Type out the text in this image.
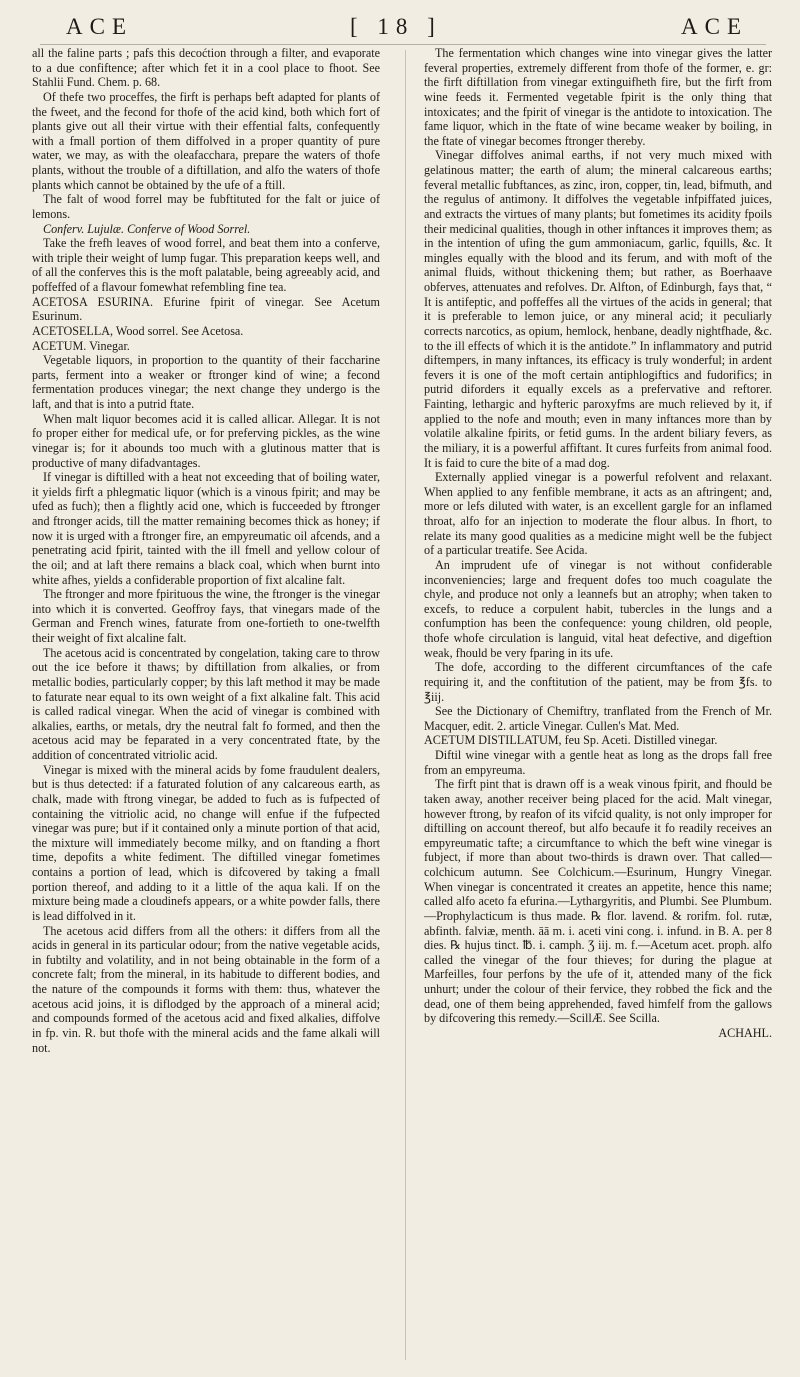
ACE	[ 18 ]	ACE

all the faline parts ; pafs this decoćtion through a filter, and evaporate to a due confiftence; after which fet it in a cool place to fhoot. See Stahlii Fund. Chem. p. 68.

Of thefe two proceffes, the firft is perhaps beft adapted for plants of the fweet, and the fecond for thofe of the acid kind, both which fort of plants give out all their virtue with their effential falts, confequently with a fmall portion of them diffolved in a proper quantity of pure water, we may, as with the oleafacchara, prepare the waters of thofe plants, without the trouble of a diftillation, and alfo the waters of thofe plants which cannot be obtained by the ufe of a ftill.

The falt of wood forrel may be fubftituted for the falt or juice of lemons.

Conferv. Lujulæ. Conferve of Wood Sorrel.

Take the frefh leaves of wood forrel, and beat them into a conferve, with triple their weight of lump fugar. This preparation keeps well, and of all the conferves this is the moft palatable, being agreeably acid, and poffeffed of a flavour fomewhat refembling fine tea.

ACETOSA ESURINA. Efurine fpirit of vinegar. See Acetum Esurinum.

ACETOSELLA, Wood sorrel. See Acetosa.

ACETUM. Vinegar.

Vegetable liquors, in proportion to the quantity of their faccharine parts, ferment into a weaker or ftronger kind of wine; a fecond fermentation produces vinegar; the next change they undergo is the laft, and that is into a putrid ftate.

When malt liquor becomes acid it is called allicar. Allegar. It is not fo proper either for medical ufe, or for preferving pickles, as the wine vinegar is; for it abounds too much with a glutinous matter that is productive of many difadvantages.

If vinegar is diftilled with a heat not exceeding that of boiling water, it yields firft a phlegmatic liquor (which is a vinous fpirit; and may be ufed as fuch); then a flightly acid one, which is fucceeded by ftronger and ftronger acids, till the matter remaining becomes thick as honey; if now it is urged with a ftronger fire, an empyreumatic oil afcends, and a penetrating acid fpirit, tainted with the ill fmell and yellow colour of the oil; and at laft there remains a black coal, which when burnt into white afhes, yields a confiderable proportion of fixt alcaline falt.

The ftronger and more fpirituous the wine, the ftronger is the vinegar into which it is converted. Geoffroy fays, that vinegars made of the German and French wines, faturate from one-fortieth to one-twelfth their weight of fixt alcaline falt.

The acetous acid is concentrated by congelation, taking care to throw out the ice before it thaws; by diftillation from alkalies, or from metallic bodies, particularly copper; by this laft method it may be made to faturate near equal to its own weight of a fixt alkaline falt. This acid is called radical vinegar. When the acid of vinegar is combined with alkalies, earths, or metals, dry the neutral falt fo formed, and then the acetous acid may be feparated in a very concentrated ftate, by the addition of concentrated vitriolic acid.

Vinegar is mixed with the mineral acids by fome fraudulent dealers, but is thus detected: if a faturated folution of any calcareous earth, as chalk, made with ftrong vinegar, be added to fuch as is fufpected of containing the vitriolic acid, no change will enfue if the fufpected vinegar was pure; but if it contained only a minute portion of that acid, the mixture will immediately become milky, and on ftanding a fhort time, depofits a white fediment. The diftilled vinegar fometimes contains a portion of lead, which is difcovered by taking a fmall portion thereof, and adding to it a little of the aqua kali. If on the mixture being made a cloudinefs appears, or a white powder falls, there is lead diffolved in it.

The acetous acid differs from all the others: it differs from all the acids in general in its particular odour; from the native vegetable acids, in fubtilty and volatility, and in not being obtainable in the form of a concrete falt; from the mineral, in its habitude to different bodies, and the nature of the compounds it forms with them: thus, whatever the acetous acid joins, it is diflodged by the approach of a mineral acid; and compounds formed of the acetous acid and fixed alkalies, diffolve in fp. vin. R. but thofe with the mineral acids and the fame alkali will not.

The fermentation which changes wine into vinegar gives the latter feveral properties, extremely different from thofe of the former, e. gr: the firft diftillation from vinegar extinguifheth fire, but the firft from wine feeds it. Fermented vegetable fpirit is the only thing that intoxicates; and the fpirit of vinegar is the antidote to intoxication. The fame liquor, which in the ftate of wine became weaker by boiling, in the ftate of vinegar becomes ftronger thereby.

Vinegar diffolves animal earths, if not very much mixed with gelatinous matter; the earth of alum; the mineral calcareous earths; feveral metallic fubftances, as zinc, iron, copper, tin, lead, bifmuth, and the regulus of antimony. It diffolves the vegetable infpiffated juices, and extracts the virtues of many plants; but fometimes its acidity fpoils their medicinal qualities, though in other inftances it improves them; as in the intention of ufing the gum ammoniacum, garlic, fquills, &c. It mingles equally with the blood and its ferum, and with moft of the animal fluids, without thickening them; but rather, as Boerhaave obferves, attenuates and refolves. Dr. Alfton, of Edinburgh, fays that, “ It is antifeptic, and poffeffes all the virtues of the acids in general; that it is preferable to lemon juice, or any mineral acid; it peculiarly corrects narcotics, as opium, hemlock, henbane, deadly nightfhade, &c. to the ill effects of which it is the antidote.” In inflammatory and putrid diftempers, in many inftances, its efficacy is truly wonderful; in ardent fevers it is one of the moft certain antiphlogiftics and fudorifics; in putrid diforders it equally excels as a prefervative and reftorer. Fainting, lethargic and hyfteric paroxyfms are much relieved by it, if applied to the nofe and mouth; even in many inftances more than by volatile alkaline fpirits, or fetid gums. In the ardent biliary fevers, as the miliary, it is a powerful affiftant. It cures furfeits from animal food. It is faid to cure the bite of a mad dog.

Externally applied vinegar is a powerful refolvent and relaxant. When applied to any fenfible membrane, it acts as an aftringent; and, more or lefs diluted with water, is an excellent gargle for an inflamed throat, alfo for an injection to moderate the flour albus. In fhort, to relate its many good qualities as a medicine might well be the fubject of a particular treatife. See Acida.

An imprudent ufe of vinegar is not without confiderable inconveniencies; large and frequent dofes too much coagulate the chyle, and produce not only a leannefs but an atrophy; when taken to excefs, to reduce a corpulent habit, tubercles in the lungs and a confumption has been the confequence: young children, old people, thofe whofe circulation is languid, vital heat defective, and digeftion weak, fhould be very fparing in its ufe.

The dofe, according to the different circumftances of the cafe requiring it, and the conftitution of the patient, may be from ℥fs. to ℥iij.

See the Dictionary of Chemiftry, tranflated from the French of Mr. Macquer, edit. 2. article Vinegar. Cullen's Mat. Med.

ACETUM DISTILLATUM, feu Sp. Aceti. Distilled vinegar.

Diftil wine vinegar with a gentle heat as long as the drops fall free from an empyreuma.

The firft pint that is drawn off is a weak vinous fpirit, and fhould be taken away, another receiver being placed for the acid. Malt vinegar, however ftrong, by reafon of its vifcid quality, is not only improper for diftilling on account thereof, but alfo becaufe it fo readily receives an empyreumatic tafte; a circumftance to which the beft wine vinegar is fubject, if more than about two-thirds is drawn over. That called—colchicum autumn. See Colchicum.—Esurinum, Hungry Vinegar. When vinegar is concentrated it creates an appetite, hence this name; called alfo aceto fa efurina.—Lythargyritis, and Plumbi. See Plumbum.—Prophylacticum is thus made. ℞ flor. lavend. & rorifm. fol. rutæ, abfinth. falviæ, menth. āā m. i. aceti vini cong. i. infund. in B. A. per 8 dies. ℞ hujus tinct. ℔. i. camph. Ʒ iij. m. f.—Acetum acet. proph. alfo called the vinegar of the four thieves; for during the plague at Marfeilles, four perfons by the ufe of it, attended many of the fick unhurt; under the colour of their fervice, they robbed the fick and the dead, one of them being apprehended, faved himfelf from the gallows by difcovering this remedy.—ScillÆ. See Scilla.

ACHAHL.
